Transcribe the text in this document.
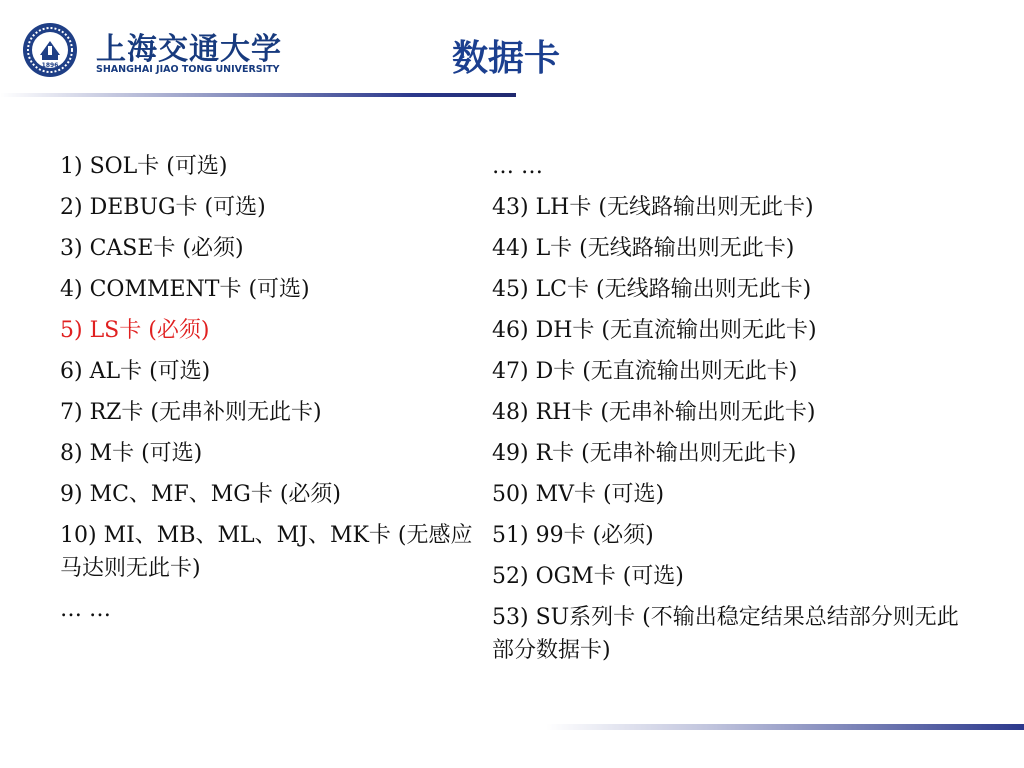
1896 上海交通大学
SHANGHAI JIAO TONG UNIVERSITY	数据卡

1) SOL卡 (可选)

2) DEBUG卡 (可选)

3) CASE卡 (必须)

4) COMMENT卡 (可选)

5) LS卡 (必须)

6) AL卡 (可选)

7) RZ卡 (无串补则无此卡)

8) M卡 (可选)

9) MC、MF、MG卡 (必须)

10) MI、MB、ML、MJ、MK卡 (无感应马达则无此卡)

… …

… …

43) LH卡 (无线路输出则无此卡)

44) L卡 (无线路输出则无此卡)

45) LC卡 (无线路输出则无此卡)

46) DH卡 (无直流输出则无此卡)

47) D卡 (无直流输出则无此卡)

48) RH卡 (无串补输出则无此卡)

49) R卡 (无串补输出则无此卡)

50) MV卡 (可选)

51) 99卡 (必须)

52) OGM卡 (可选)

53) SU系列卡 (不输出稳定结果总结部分则无此部分数据卡)
